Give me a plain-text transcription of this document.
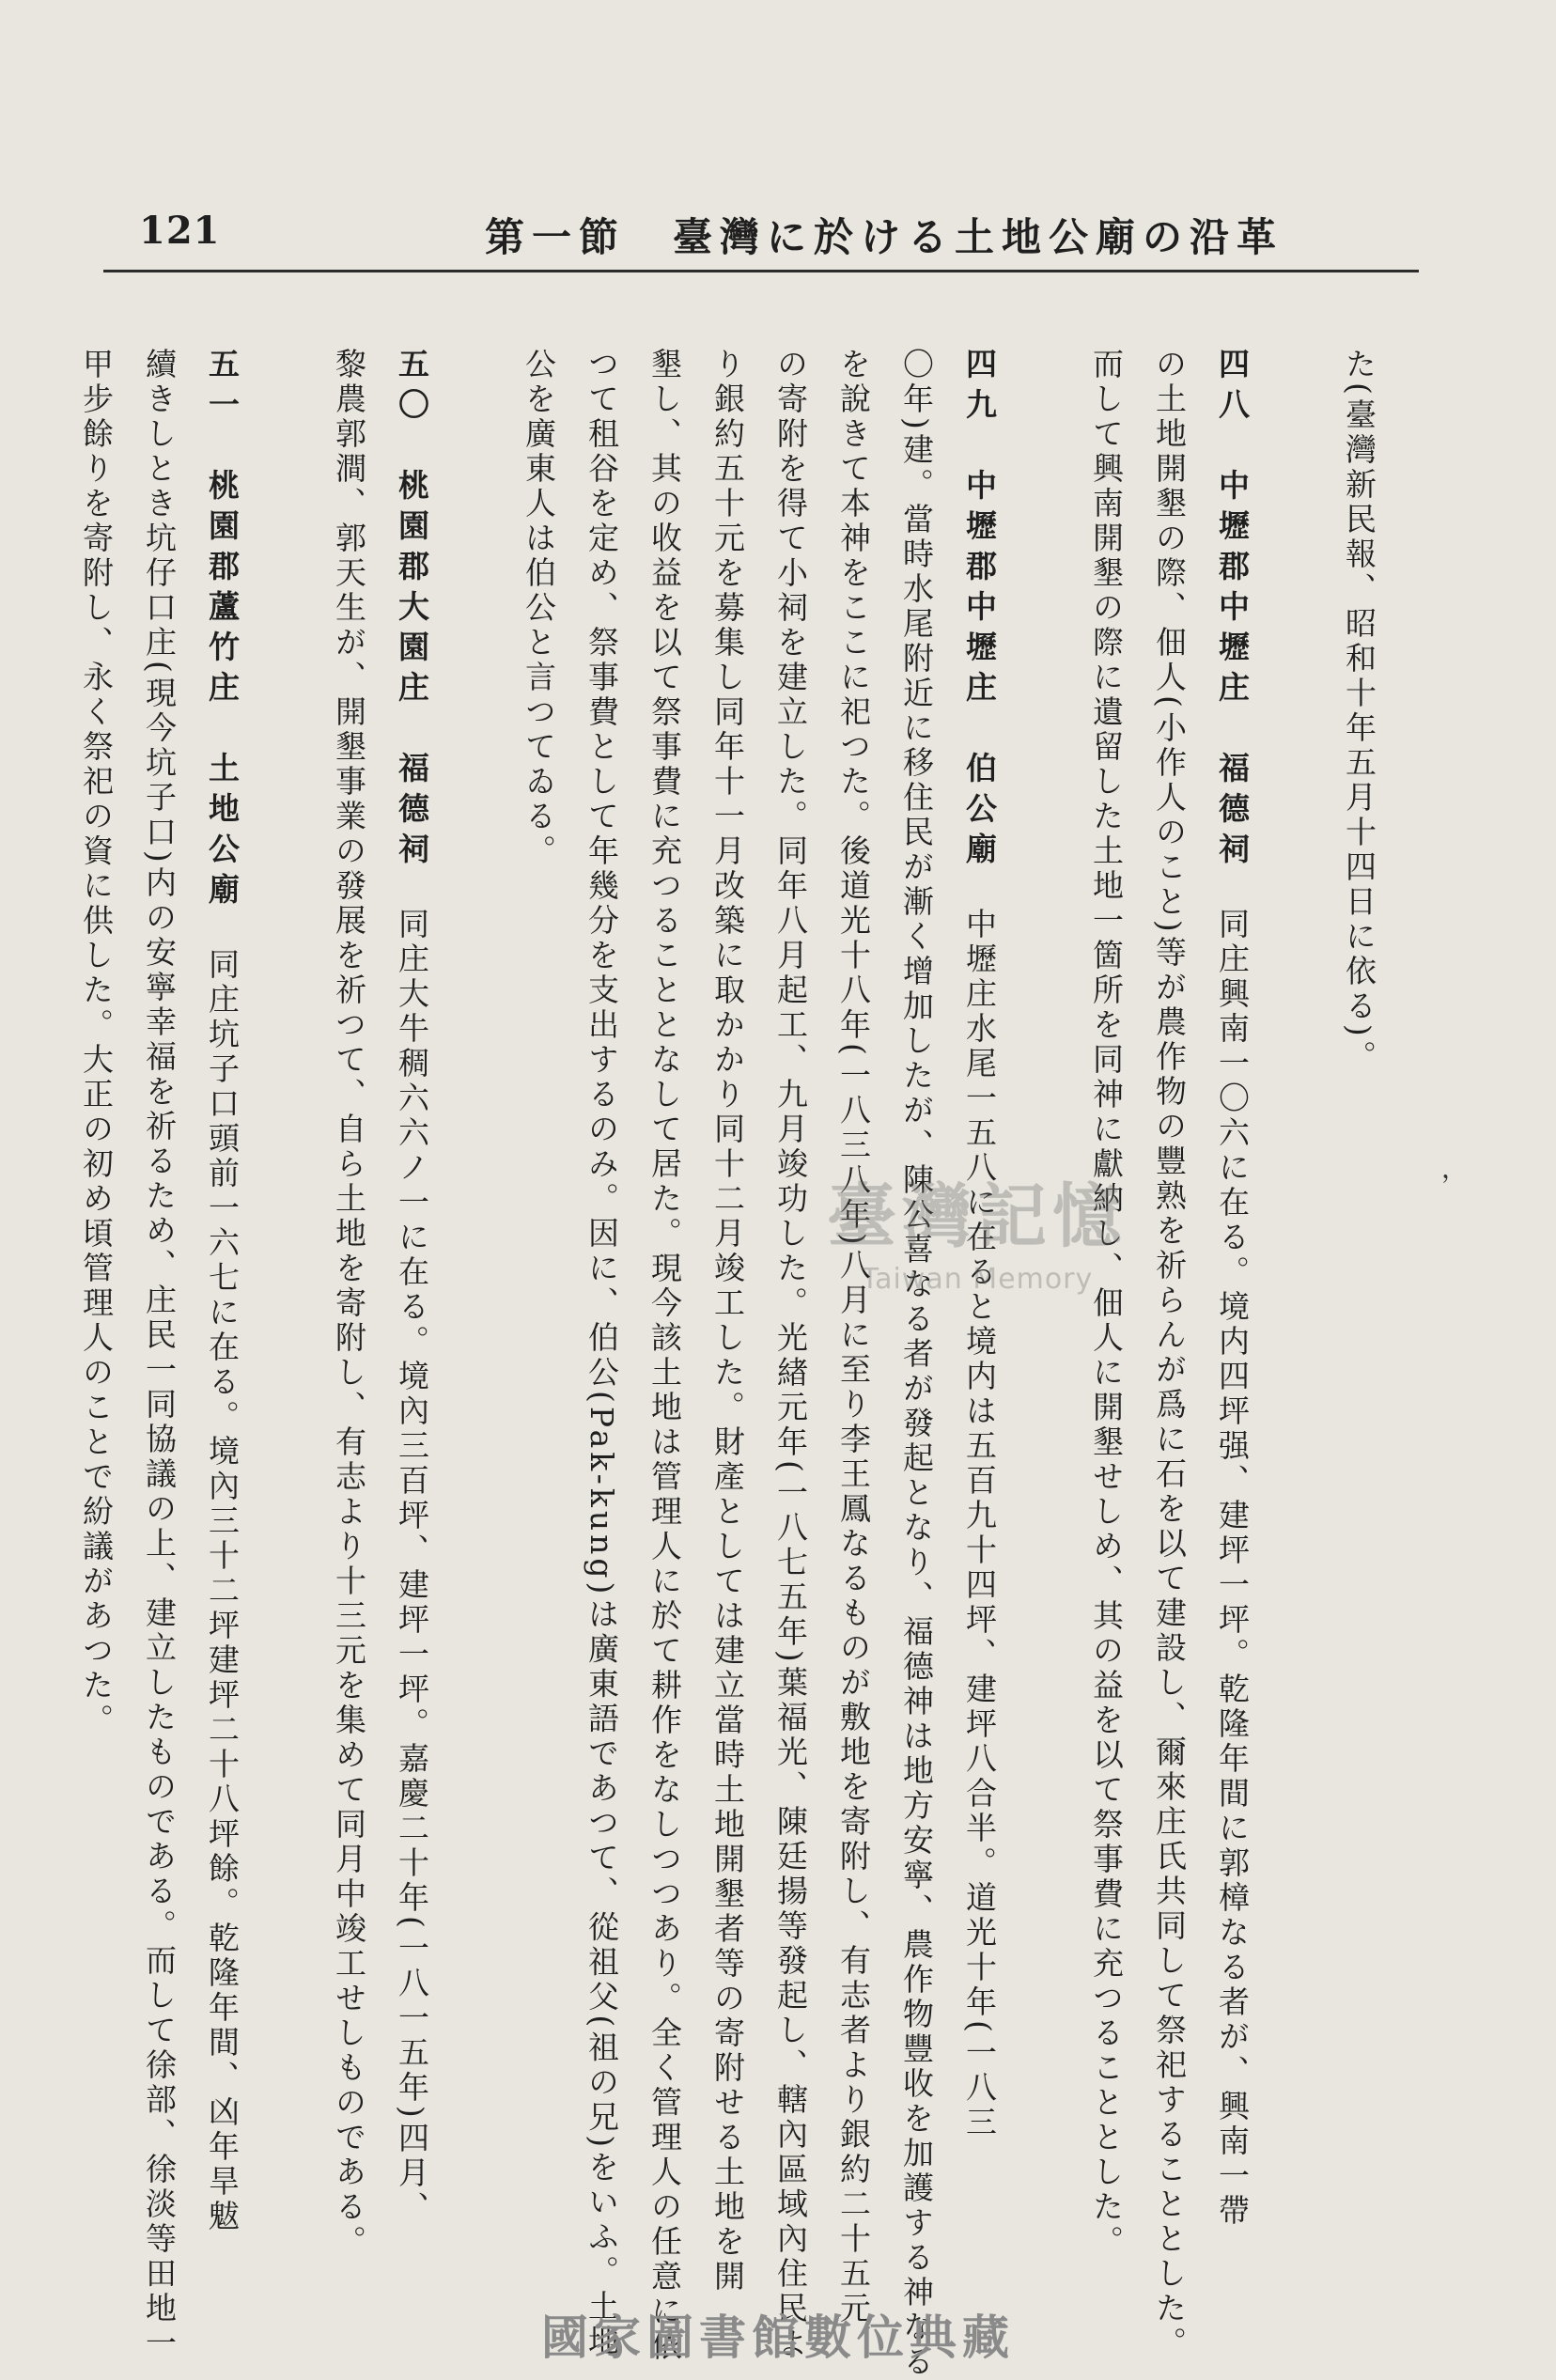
121	第一節　臺灣に於ける土地公廟の沿革
た(臺灣新民報、昭和十年五月十四日に依る)。
四八　中壢郡中壢庄　福德祠　同庄興南一〇六に在る。境内四坪强、建坪一坪。乾隆年間に郭樟なる者が、興南一帶
の土地開墾の際、佃人(小作人のこと)等が農作物の豐熟を祈らんが爲に石を以て建設し、爾來庄氏共同して祭祀することとした。
而して興南開墾の際に遺留した土地一箇所を同神に獻納し、佃人に開墾せしめ、其の益を以て祭事費に充つることとした。
四九　中壢郡中壢庄　伯公廟　中壢庄水尾一五八に在ると境内は五百九十四坪、建坪八合半。道光十年(一八三
〇年)建。當時水尾附近に移住民が漸く增加したが、陳公喜なる者が發起となり、福德神は地方安寧、農作物豐收を加護する神なる
を說きて本神をここに祀つた。後道光十八年(一八三八年)八月に至り李王鳳なるものが敷地を寄附し、有志者より銀約二十五元
の寄附を得て小祠を建立した。同年八月起工、九月竣功した。光緖元年(一八七五年)葉福光、陳廷揚等發起し、轄內區域內住民よ
り銀約五十元を募集し同年十一月改築に取かかり同十二月竣工した。財產としては建立當時土地開墾者等の寄附せる土地を開
墾し、其の收益を以て祭事費に充つることとなして居た。現今該土地は管理人に於て耕作をなしつつあり。全く管理人の任意に依
つて租谷を定め、祭事費として年幾分を支出するのみ。因に、伯公(Pak-kung)は廣東語であつて、從祖父(祖の兄)をいふ。土地
公を廣東人は伯公と言つてゐる。
五〇　桃園郡大園庄　福德祠　同庄大牛稠六六ノ一に在る。境內三百坪、建坪一坪。嘉慶二十年(一八一五年)四月、
黎農郭澗、郭天生が、開墾事業の發展を祈つて、自ら土地を寄附し、有志より十三元を集めて同月中竣工せしものである。
五一　桃園郡蘆竹庄　土地公廟　同庄坑子口頭前一六七に在る。境內三十二坪建坪二十八坪餘。乾隆年間、凶年旱魃
續きしとき坑仔口庄(現今坑子口)内の安寧幸福を祈るため、庄民一同協議の上、建立したものである。而して徐部、徐淡等田地一
甲步餘りを寄附し、永く祭祀の資に供した。大正の初め頃管理人のことで紛議があつた。

　	，
臺灣記憶
Taiwan Memory
國家圖書館數位典藏
